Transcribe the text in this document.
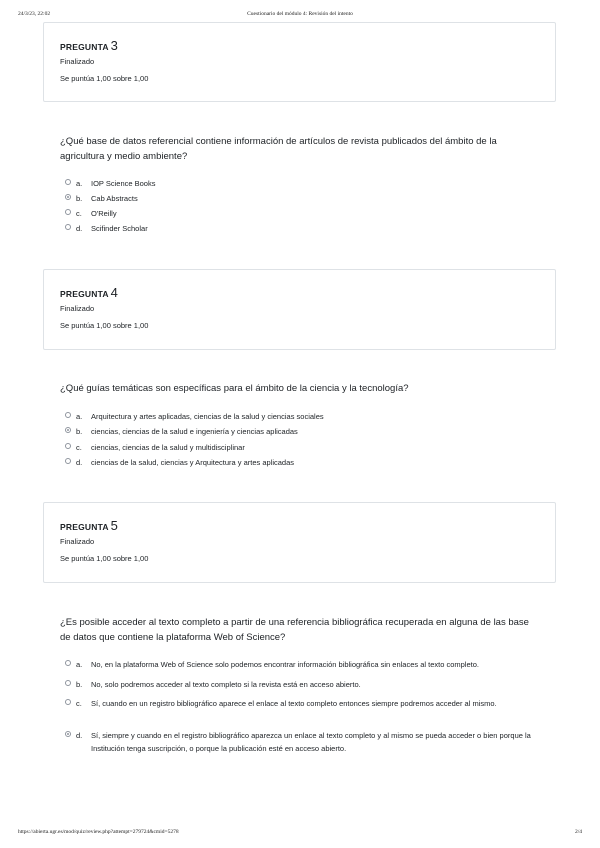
24/3/23, 22:02	Cuestionario del módulo 4: Revisión del intento
https://abierta.ugr.es/mod/quiz/review.php?attempt=279724&cmid=5278	2/4
PREGUNTA 3
Finalizado
Se puntúa 1,00 sobre 1,00
¿Qué base de datos referencial contiene información de artículos de revista publicados del ámbito de la agricultura y medio ambiente?
a. IOP Science Books
b. Cab Abstracts
c. O'Reilly
d. Scifinder Scholar
PREGUNTA 4
Finalizado
Se puntúa 1,00 sobre 1,00
¿Qué guías temáticas son específicas para el ámbito de la ciencia y la tecnología?
a. Arquitectura y artes aplicadas, ciencias de la salud y ciencias sociales
b. ciencias, ciencias de la salud e ingeniería y ciencias aplicadas
c. ciencias, ciencias de la salud y multidisciplinar
d. ciencias de la salud, ciencias y Arquitectura y artes aplicadas
PREGUNTA 5
Finalizado
Se puntúa 1,00 sobre 1,00
¿Es posible acceder al texto completo a partir de una referencia bibliográfica recuperada en alguna de las base de datos que contiene la plataforma Web of Science?
a. No, en la plataforma Web of Science solo podemos encontrar información bibliográfica sin enlaces al texto completo.
b. No, solo podremos acceder al texto completo si la revista está en acceso abierto.
c. Sí, cuando en un registro bibliográfico aparece el enlace al texto completo entonces siempre podremos acceder al mismo.
d. Sí, siempre y cuando en el registro bibliográfico aparezca un enlace al texto completo y al mismo se pueda acceder o bien porque la Institución tenga suscripción, o porque la publicación esté en acceso abierto.
